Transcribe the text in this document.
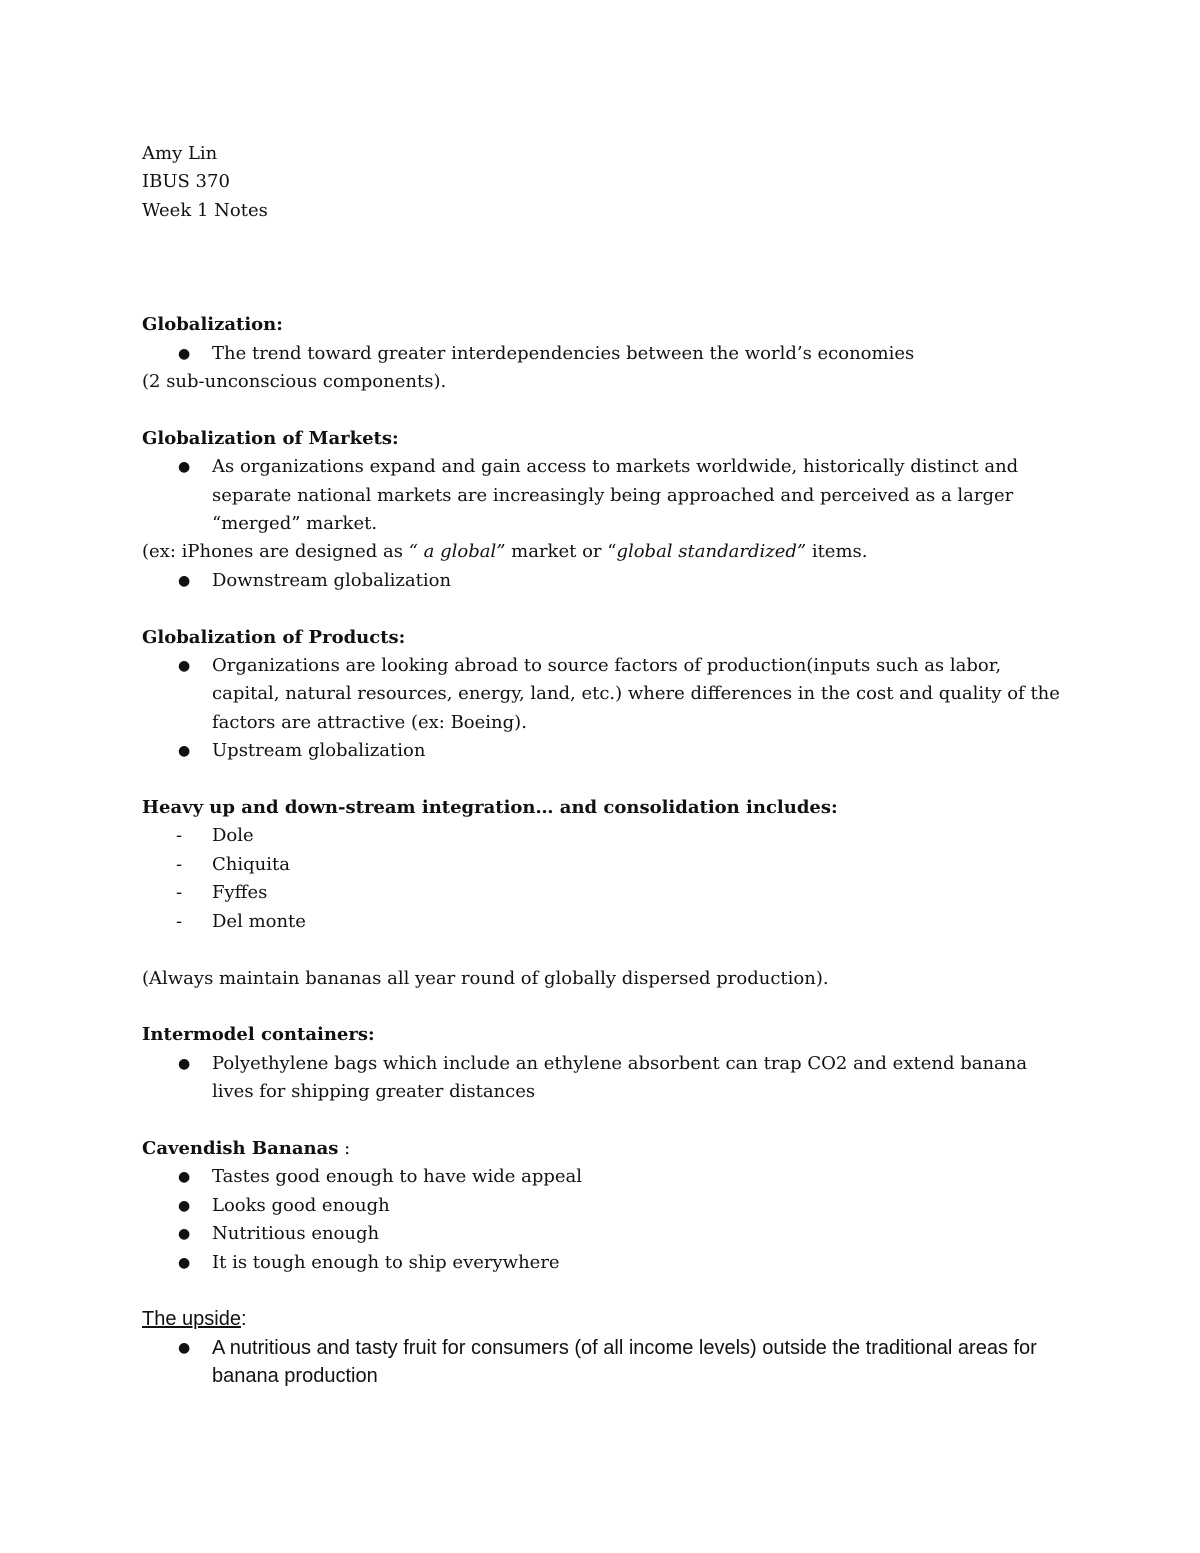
Amy Lin

IBUS 370

Week 1 Notes

Globalization:

● The trend toward greater interdependencies between the world’s economies

(2 sub-unconscious components).

Globalization of Markets:

● As organizations expand and gain access to markets worldwide, historically distinct and separate national markets are increasingly being approached and perceived as a larger “merged” market.

(ex: iPhones are designed as “ a global” market or “global standardized” items.

● Downstream globalization

Globalization of Products:

● Organizations are looking abroad to source factors of production(inputs such as labor, capital, natural resources, energy, land, etc.) where differences in the cost and quality of the factors are attractive (ex: Boeing).
● Upstream globalization

Heavy up and down-stream integration… and consolidation includes:

- Dole
- Chiquita
- Fyffes
- Del monte

(Always maintain bananas all year round of globally dispersed production).

Intermodel containers:

● Polyethylene bags which include an ethylene absorbent can trap CO2 and extend banana lives for shipping greater distances

Cavendish Bananas :

● Tastes good enough to have wide appeal
● Looks good enough
● Nutritious enough
● It is tough enough to ship everywhere

The upside:

● A nutritious and tasty fruit for consumers (of all income levels) outside the traditional areas for banana production
